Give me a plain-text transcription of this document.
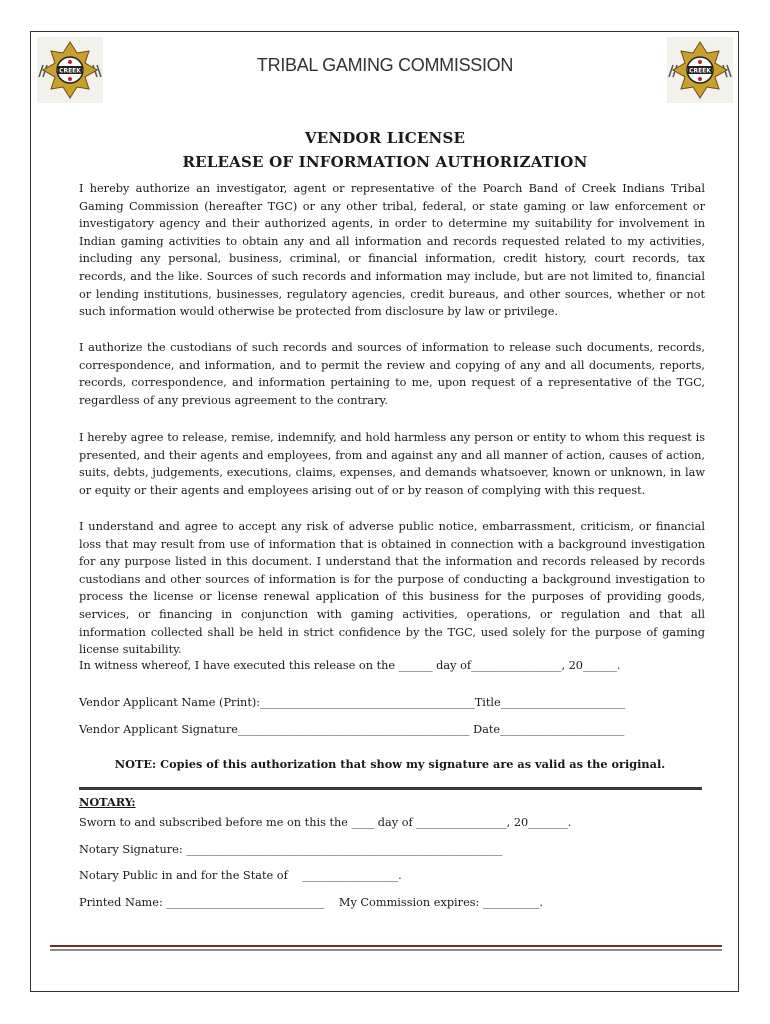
CREEK	CREEK
TRIBAL GAMING COMMISSION
VENDOR LICENSE
RELEASE OF INFORMATION AUTHORIZATION
I hereby authorize an investigator, agent or representative of the Poarch Band of Creek Indians Tribal Gaming Commission (hereafter TGC) or any other tribal, federal, or state gaming or law enforcement or investigatory agency and their authorized agents, in order to determine my suitability for involvement in Indian gaming activities to obtain any and all information and records requested related to my activities, including any personal, business, criminal, or financial information, credit history, court records, tax records, and the like. Sources of such records and information may include, but are not limited to, financial or lending institutions, businesses, regulatory agencies, credit bureaus, and other sources, whether or not such information would otherwise be protected from disclosure by law or privilege.
I authorize the custodians of such records and sources of information to release such documents, records, correspondence, and information, and to permit the review and copying of any and all documents, reports, records, correspondence, and information pertaining to me, upon request of a representative of the TGC, regardless of any previous agreement to the contrary.
I hereby agree to release, remise, indemnify, and hold harmless any person or entity to whom this request is presented, and their agents and employees, from and against any and all manner of action, causes of action, suits, debts, judgements, executions, claims, expenses, and demands whatsoever, known or unknown, in law or equity or their agents and employees arising out of or by reason of complying with this request.
I understand and agree to accept any risk of adverse public notice, embarrassment, criticism, or financial loss that may result from use of information that is obtained in connection with a background investigation for any purpose listed in this document. I understand that the information and records released by records custodians and other sources of information is for the purpose of conducting a background investigation to process the license or license renewal application of this business for the purposes of providing goods, services, or financing in conjunction with gaming activities, operations, or regulation and that all information collected shall be held in strict confidence by the TGC, used solely for the purpose of gaming license suitability.
In witness whereof, I have executed this release on the ______ day of________________, 20______.
Vendor Applicant Name (Print):______________________________________Title______________________
Vendor Applicant Signature_________________________________________ Date______________________
NOTE: Copies of this authorization that show my signature are as valid as the original.
NOTARY:
Sworn to and subscribed before me on this the ____ day of ________________, 20_______.
Notary Signature: ________________________________________________________
Notary Public in and for the State of    _________________.
Printed Name: ____________________________    My Commission expires: __________.
